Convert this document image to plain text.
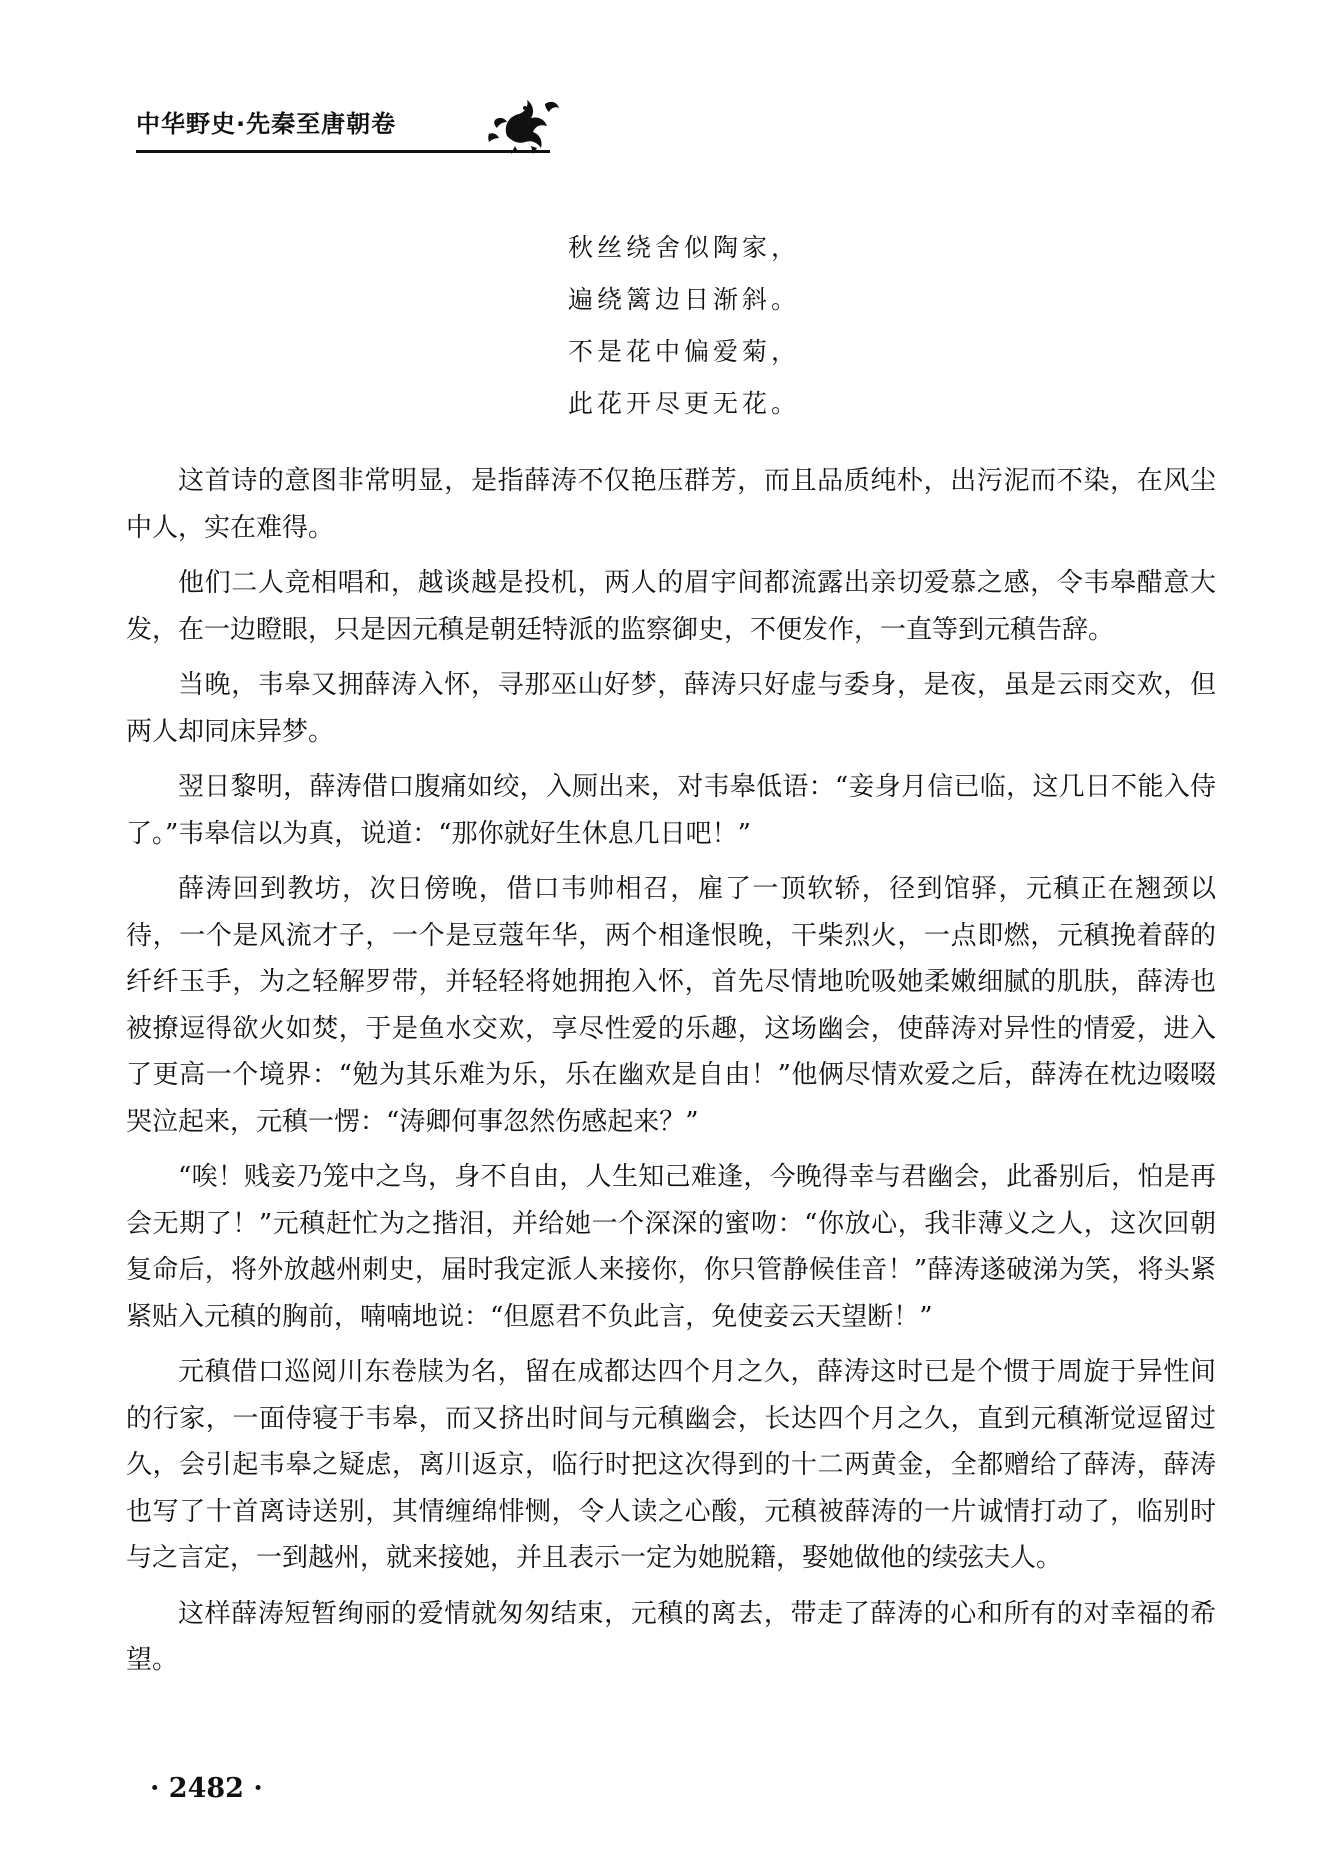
中华野史·先秦至唐朝卷
秋丝绕舍似陶家，
遍绕篱边日渐斜。
不是花中偏爱菊，
此花开尽更无花。

这首诗的意图非常明显，是指薛涛不仅艳压群芳，而且品质纯朴，出污泥而不染，在风尘中人，实在难得。

他们二人竞相唱和，越谈越是投机，两人的眉宇间都流露出亲切爱慕之感，令韦皋醋意大发，在一边瞪眼，只是因元稹是朝廷特派的监察御史，不便发作，一直等到元稹告辞。

当晚，韦皋又拥薛涛入怀，寻那巫山好梦，薛涛只好虚与委身，是夜，虽是云雨交欢，但两人却同床异梦。

翌日黎明，薛涛借口腹痛如绞，入厕出来，对韦皋低语：“妾身月信已临，这几日不能入侍了。”韦皋信以为真，说道：“那你就好生休息几日吧！”

薛涛回到教坊，次日傍晚，借口韦帅相召，雇了一顶软轿，径到馆驿，元稹正在翘颈以待，一个是风流才子，一个是豆蔻年华，两个相逢恨晚，干柴烈火，一点即燃，元稹挽着薛的纤纤玉手，为之轻解罗带，并轻轻将她拥抱入怀，首先尽情地吮吸她柔嫩细腻的肌肤，薛涛也被撩逗得欲火如焚，于是鱼水交欢，享尽性爱的乐趣，这场幽会，使薛涛对异性的情爱，进入了更高一个境界：“勉为其乐难为乐，乐在幽欢是自由！”他俩尽情欢爱之后，薛涛在枕边啜啜哭泣起来，元稹一愣：“涛卿何事忽然伤感起来？”

“唉！贱妾乃笼中之鸟，身不自由，人生知己难逢，今晚得幸与君幽会，此番别后，怕是再会无期了！”元稹赶忙为之揩泪，并给她一个深深的蜜吻：“你放心，我非薄义之人，这次回朝复命后，将外放越州刺史，届时我定派人来接你，你只管静候佳音！”薛涛遂破涕为笑，将头紧紧贴入元稹的胸前，喃喃地说：“但愿君不负此言，免使妾云天望断！”

元稹借口巡阅川东卷牍为名，留在成都达四个月之久，薛涛这时已是个惯于周旋于异性间的行家，一面侍寝于韦皋，而又挤出时间与元稹幽会，长达四个月之久，直到元稹渐觉逗留过久，会引起韦皋之疑虑，离川返京，临行时把这次得到的十二两黄金，全都赠给了薛涛，薛涛也写了十首离诗送别，其情缠绵悱恻，令人读之心酸，元稹被薛涛的一片诚情打动了，临别时与之言定，一到越州，就来接她，并且表示一定为她脱籍，娶她做他的续弦夫人。

这样薛涛短暂绚丽的爱情就匆匆结束，元稹的离去，带走了薛涛的心和所有的对幸福的希望。

· 2482 ·
